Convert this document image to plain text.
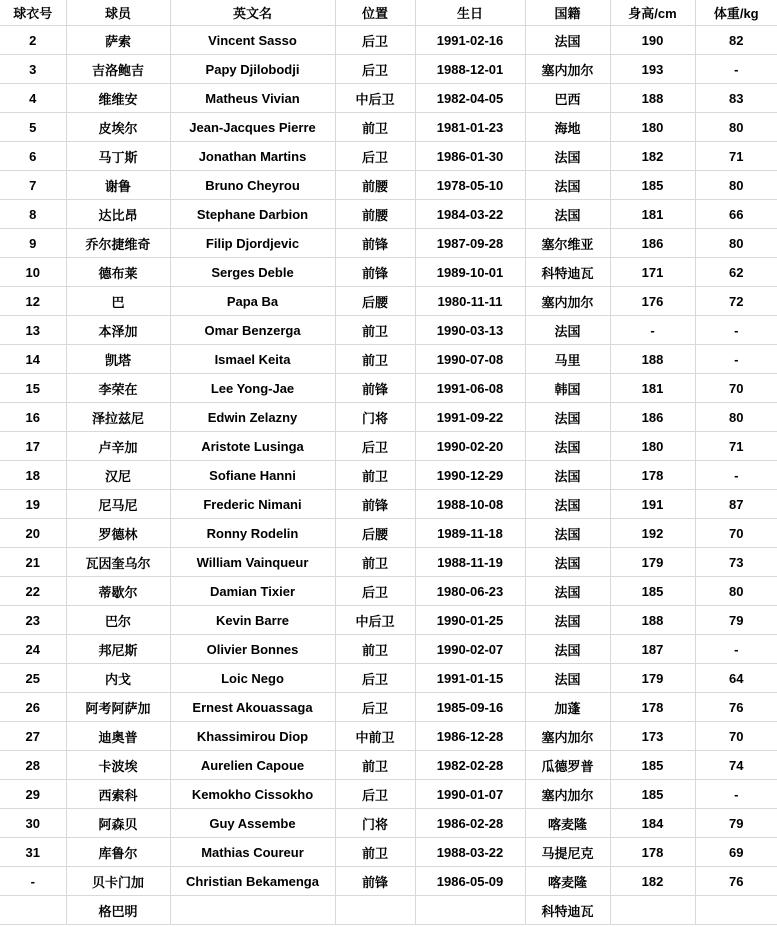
球衣号	球员	英文名	位置	生日	国籍	身高/cm	体重/kg
2	萨索	Vincent Sasso	后卫	1991-02-16	法国	190	82
3	吉洛鲍吉	Papy Djilobodji	后卫	1988-12-01	塞内加尔	193	-
4	维维安	Matheus Vivian	中后卫	1982-04-05	巴西	188	83
5	皮埃尔	Jean-Jacques Pierre	前卫	1981-01-23	海地	180	80
6	马丁斯	Jonathan Martins	后卫	1986-01-30	法国	182	71
7	谢鲁	Bruno Cheyrou	前腰	1978-05-10	法国	185	80
8	达比昂	Stephane Darbion	前腰	1984-03-22	法国	181	66
9	乔尔捷维奇	Filip Djordjevic	前锋	1987-09-28	塞尔维亚	186	80
10	德布莱	Serges Deble	前锋	1989-10-01	科特迪瓦	171	62
12	巴	Papa Ba	后腰	1980-11-11	塞内加尔	176	72
13	本泽加	Omar Benzerga	前卫	1990-03-13	法国	-	-
14	凯塔	Ismael Keita	前卫	1990-07-08	马里	188	-
15	李荣在	Lee Yong-Jae	前锋	1991-06-08	韩国	181	70
16	泽拉兹尼	Edwin Zelazny	门将	1991-09-22	法国	186	80
17	卢辛加	Aristote Lusinga	后卫	1990-02-20	法国	180	71
18	汉尼	Sofiane Hanni	前卫	1990-12-29	法国	178	-
19	尼马尼	Frederic Nimani	前锋	1988-10-08	法国	191	87
20	罗德林	Ronny Rodelin	后腰	1989-11-18	法国	192	70
21	瓦因奎乌尔	William Vainqueur	前卫	1988-11-19	法国	179	73
22	蒂歇尔	Damian Tixier	后卫	1980-06-23	法国	185	80
23	巴尔	Kevin Barre	中后卫	1990-01-25	法国	188	79
24	邦尼斯	Olivier Bonnes	前卫	1990-02-07	法国	187	-
25	内戈	Loic Nego	后卫	1991-01-15	法国	179	64
26	阿考阿萨加	Ernest Akouassaga	后卫	1985-09-16	加蓬	178	76
27	迪奥普	Khassimirou Diop	中前卫	1986-12-28	塞内加尔	173	70
28	卡波埃	Aurelien Capoue	前卫	1982-02-28	瓜德罗普	185	74
29	西索科	Kemokho Cissokho	后卫	1990-01-07	塞内加尔	185	-
30	阿森贝	Guy Assembe	门将	1986-02-28	喀麦隆	184	79
31	库鲁尔	Mathias Coureur	前卫	1988-03-22	马提尼克	178	69
-	贝卡门加	Christian Bekamenga	前锋	1986-05-09	喀麦隆	182	76
	格巴明				科特迪瓦		
